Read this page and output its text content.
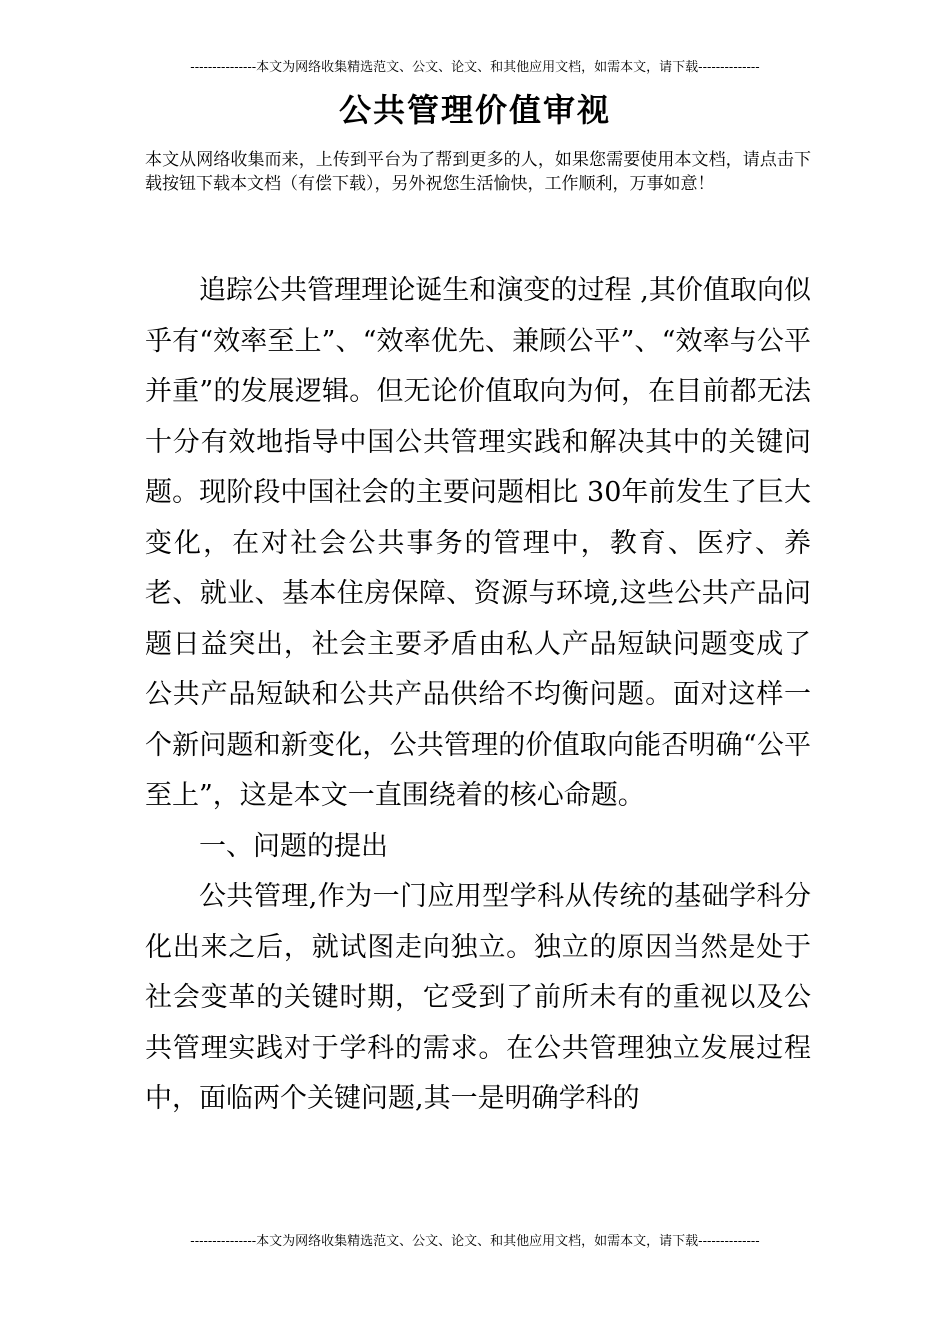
---------------本文为网络收集精选范文、公文、论文、和其他应用文档，如需本文，请下载--------------
公共管理价值审视
本文从网络收集而来，上传到平台为了帮到更多的人，如果您需要使用本文档，请点击下载按钮下载本文档（有偿下载），另外祝您生活愉快，工作顺利，万事如意！

追踪公共管理理论诞生和演变的过程 ,其价值取向似乎有“效率至上”、“效率优先、兼顾公平”、“效率与公平并重”的发展逻辑。但无论价值取向为何，在目前都无法十分有效地指导中国公共管理实践和解决其中的关键问题。现阶段中国社会的主要问题相比 30年前发生了巨大变化，在对社会公共事务的管理中，教育、医疗、养老、就业、基本住房保障、资源与环境,这些公共产品问题日益突出，社会主要矛盾由私人产品短缺问题变成了公共产品短缺和公共产品供给不均衡问题。面对这样一个新问题和新变化，公共管理的价值取向能否明确“公平至上”，这是本文一直围绕着的核心命题。

一、问题的提出

公共管理,作为一门应用型学科从传统的基础学科分化出来之后，就试图走向独立。独立的原因当然是处于社会变革的关键时期，它受到了前所未有的重视以及公共管理实践对于学科的需求。在公共管理独立发展过程中，面临两个关键问题,其一是明确学科的

---------------本文为网络收集精选范文、公文、论文、和其他应用文档，如需本文，请下载--------------
